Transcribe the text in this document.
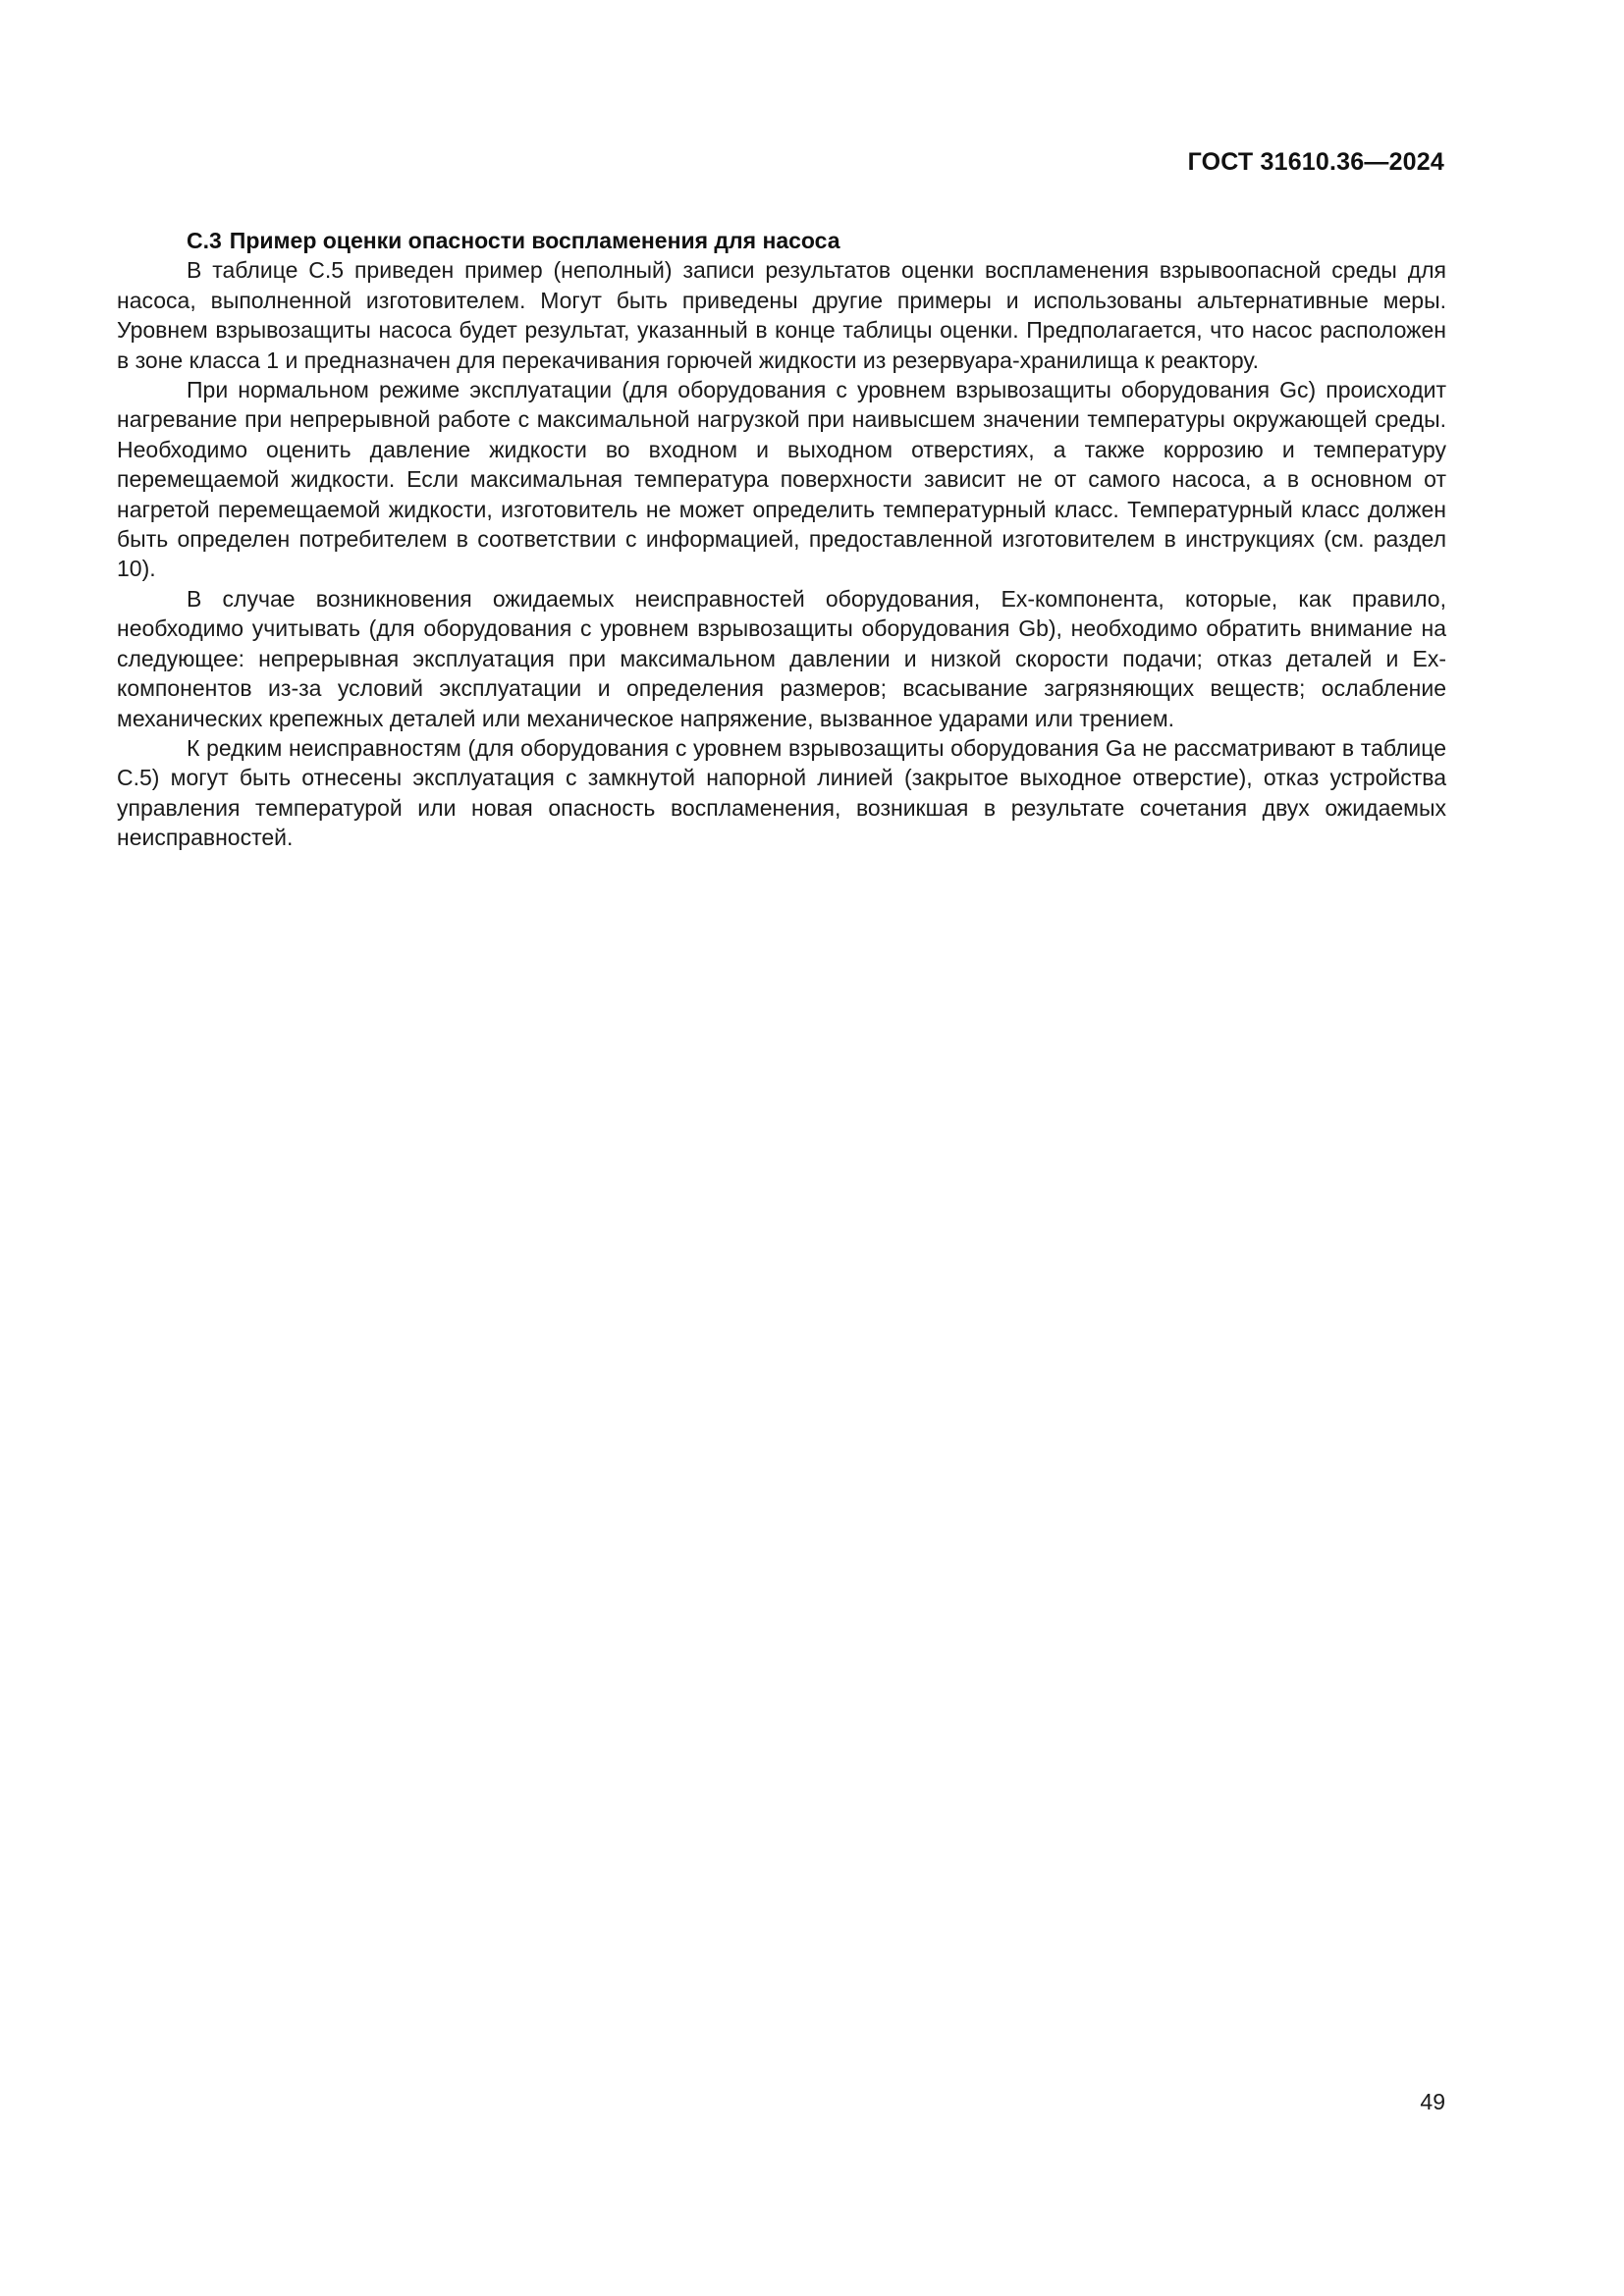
ГОСТ 31610.36—2024
С.3 Пример оценки опасности воспламенения для насоса

В таблице С.5 приведен пример (неполный) записи результатов оценки воспламенения взрывоопасной среды для насоса, выполненной изготовителем. Могут быть приведены другие примеры и использованы альтернативные меры. Уровнем взрывозащиты насоса будет результат, указанный в конце таблицы оценки. Предполагается, что насос расположен в зоне класса 1 и предназначен для перекачивания горючей жидкости из резервуара-хранилища к реактору.

При нормальном режиме эксплуатации (для оборудования с уровнем взрывозащиты оборудования Gc) происходит нагревание при непрерывной работе с максимальной нагрузкой при наивысшем значении температуры окружающей среды. Необходимо оценить давление жидкости во входном и выходном отверстиях, а также коррозию и температуру перемещаемой жидкости. Если максимальная температура поверхности зависит не от самого насоса, а в основном от нагретой перемещаемой жидкости, изготовитель не может определить температурный класс. Температурный класс должен быть определен потребителем в соответствии с информацией, предоставленной изготовителем в инструкциях (см. раздел 10).

В случае возникновения ожидаемых неисправностей оборудования, Ex-компонента, которые, как правило, необходимо учитывать (для оборудования с уровнем взрывозащиты оборудования Gb), необходимо обратить внимание на следующее: непрерывная эксплуатация при максимальном давлении и низкой скорости подачи; отказ деталей и Ex-компонентов из-за условий эксплуатации и определения размеров; всасывание загрязняющих веществ; ослабление механических крепежных деталей или механическое напряжение, вызванное ударами или трением.

К редким неисправностям (для оборудования с уровнем взрывозащиты оборудования Ga не рассматривают в таблице С.5) могут быть отнесены эксплуатация с замкнутой напорной линией (закрытое выходное отверстие), отказ устройства управления температурой или новая опасность воспламенения, возникшая в результате сочетания двух ожидаемых неисправностей.

49
